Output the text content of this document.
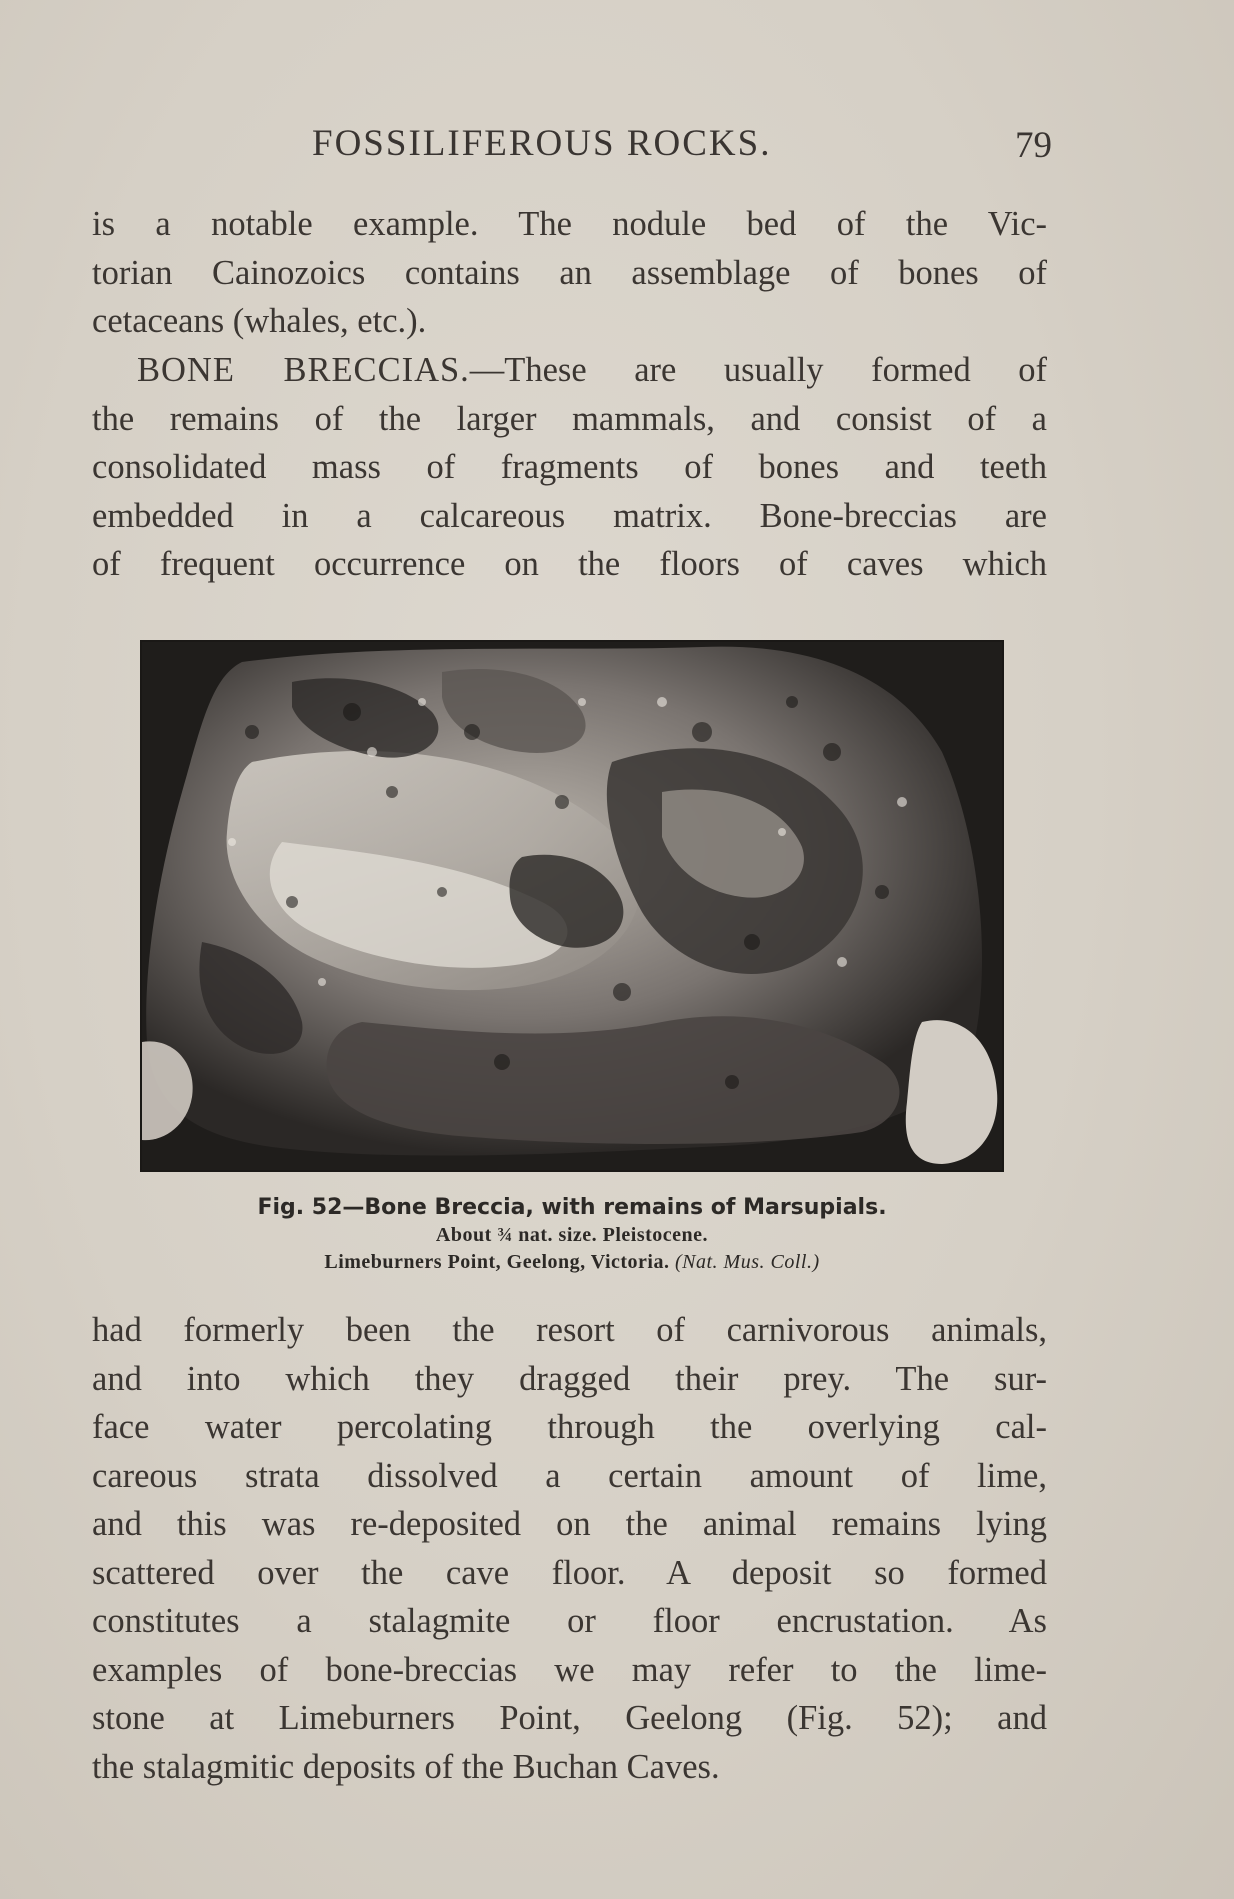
FOSSILIFEROUS ROCKS.	79
is a notable example. The nodule bed of the Vic-
torian Cainozoics contains an assemblage of bones of
cetaceans (whales, etc.).
BONE BRECCIAS.—These are usually formed of
the remains of the larger mammals, and consist of a
consolidated mass of fragments of bones and teeth
embedded in a calcareous matrix. Bone-breccias are
of frequent occurrence on the floors of caves which
Fig. 52—Bone Breccia, with remains of Marsupials.
About ¾ nat. size. Pleistocene.
Limeburners Point, Geelong, Victoria. (Nat. Mus. Coll.)
had formerly been the resort of carnivorous animals,
and into which they dragged their prey. The sur-
face water percolating through the overlying cal-
careous strata dissolved a certain amount of lime,
and this was re-deposited on the animal remains lying
scattered over the cave floor. A deposit so formed
constitutes a stalagmite or floor encrustation. As
examples of bone-breccias we may refer to the lime-
stone at Limeburners Point, Geelong (Fig. 52); and
the stalagmitic deposits of the Buchan Caves.
